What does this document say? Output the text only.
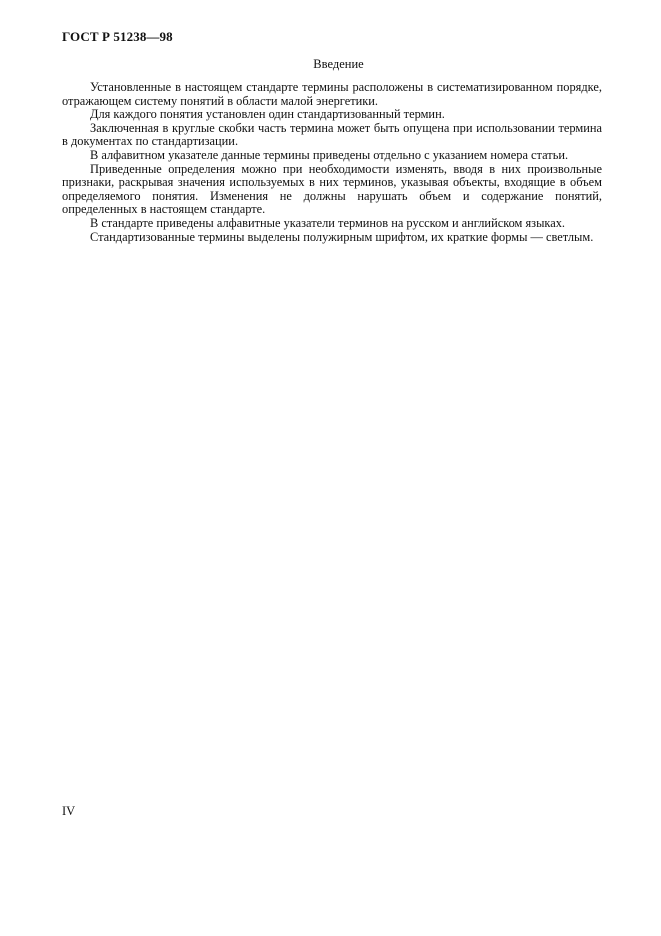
ГОСТ Р 51238—98
Введение

Установленные в настоящем стандарте термины расположены в систематизированном порядке, отражающем систему понятий в области малой энергетики.

Для каждого понятия установлен один стандартизованный термин.

Заключенная в круглые скобки часть термина может быть опущена при использовании термина в документах по стандартизации.

В алфавитном указателе данные термины приведены отдельно с указанием номера статьи.

Приведенные определения можно при необходимости изменять, вводя в них произвольные признаки, раскрывая значения используемых в них терминов, указывая объекты, входящие в объем определяемого понятия. Изменения не должны нарушать объем и содержание понятий, определенных в настоящем стандарте.

В стандарте приведены алфавитные указатели терминов на русском и английском языках.

Стандартизованные термины выделены полужирным шрифтом, их краткие формы — светлым.

IV
